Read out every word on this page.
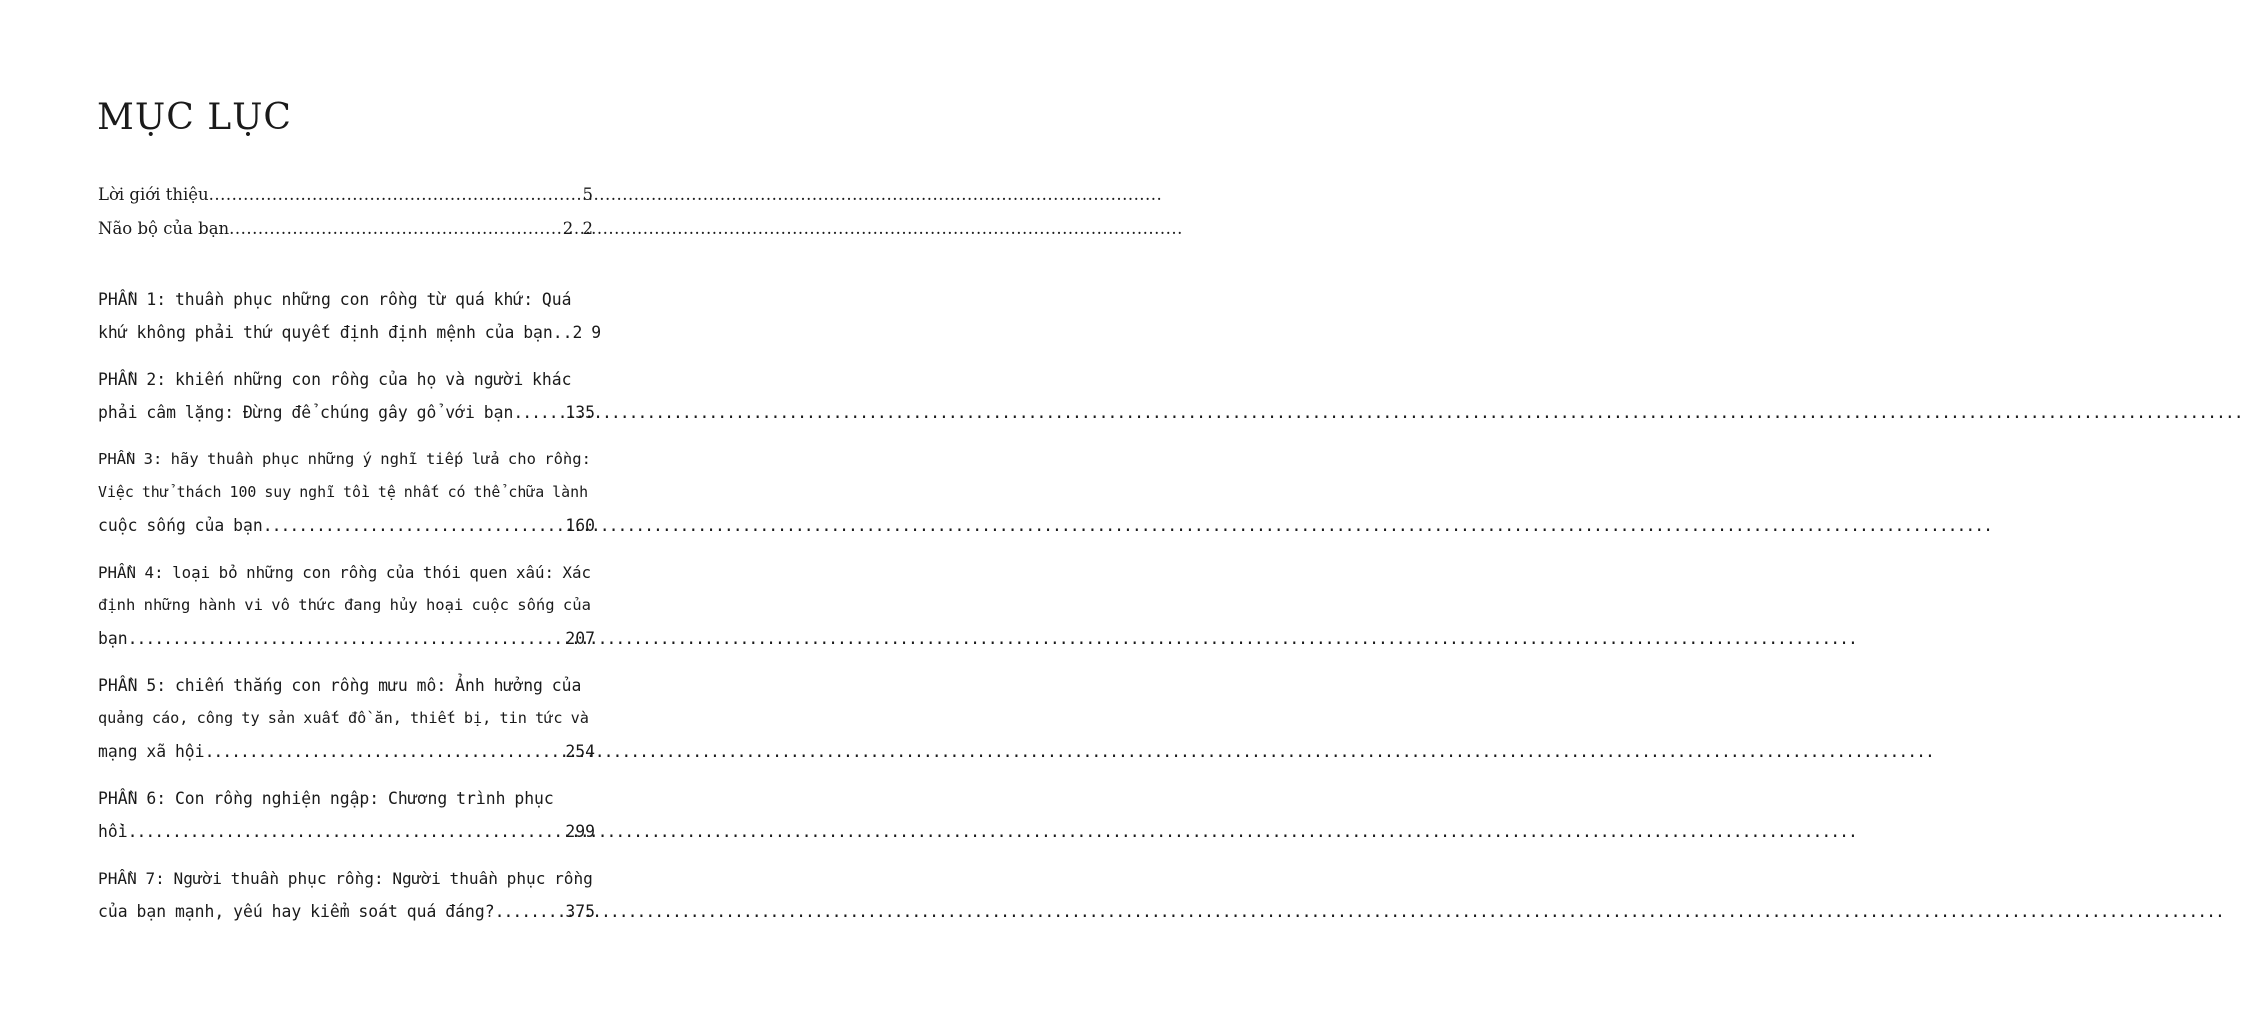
MỤC LỤC
Lời giới thiệu .....	5
Não bộ của bạn .....	2 2
PHẦN 1: thuần phục những con rồng từ quá khứ: Quá
khứ không phải thứ quyết định định mệnh của bạn ..2 9
PHẦN 2: khiến những con rồng của họ và người khác
phải câm lặng: Đừng để chúng gây gổ với bạn .....	135
PHẦN 3: hãy thuần phục những ý nghĩ tiếp lửa cho rồng:
Việc thử thách 100 suy nghĩ tồi tệ nhất có thể chữa lành
cuộc sống của bạn .....	160
PHẦN 4: loại bỏ những con rồng của thói quen xấu: Xác
định những hành vi vô thức đang hủy hoại cuộc sống của
bạn .....	207
PHẦN 5: chiến thắng con rồng mưu mô: Ảnh hưởng của
quảng cáo, công ty sản xuất đồ ăn, thiết bị, tin tức và
mạng xã hội .....	254
PHẦN 6: Con rồng nghiện ngập: Chương trình phục
hồi .....	299
PHẦN 7: Người thuần phục rồng: Người thuần phục rồng
của bạn mạnh, yếu hay kiểm soát quá đáng? .....	375
